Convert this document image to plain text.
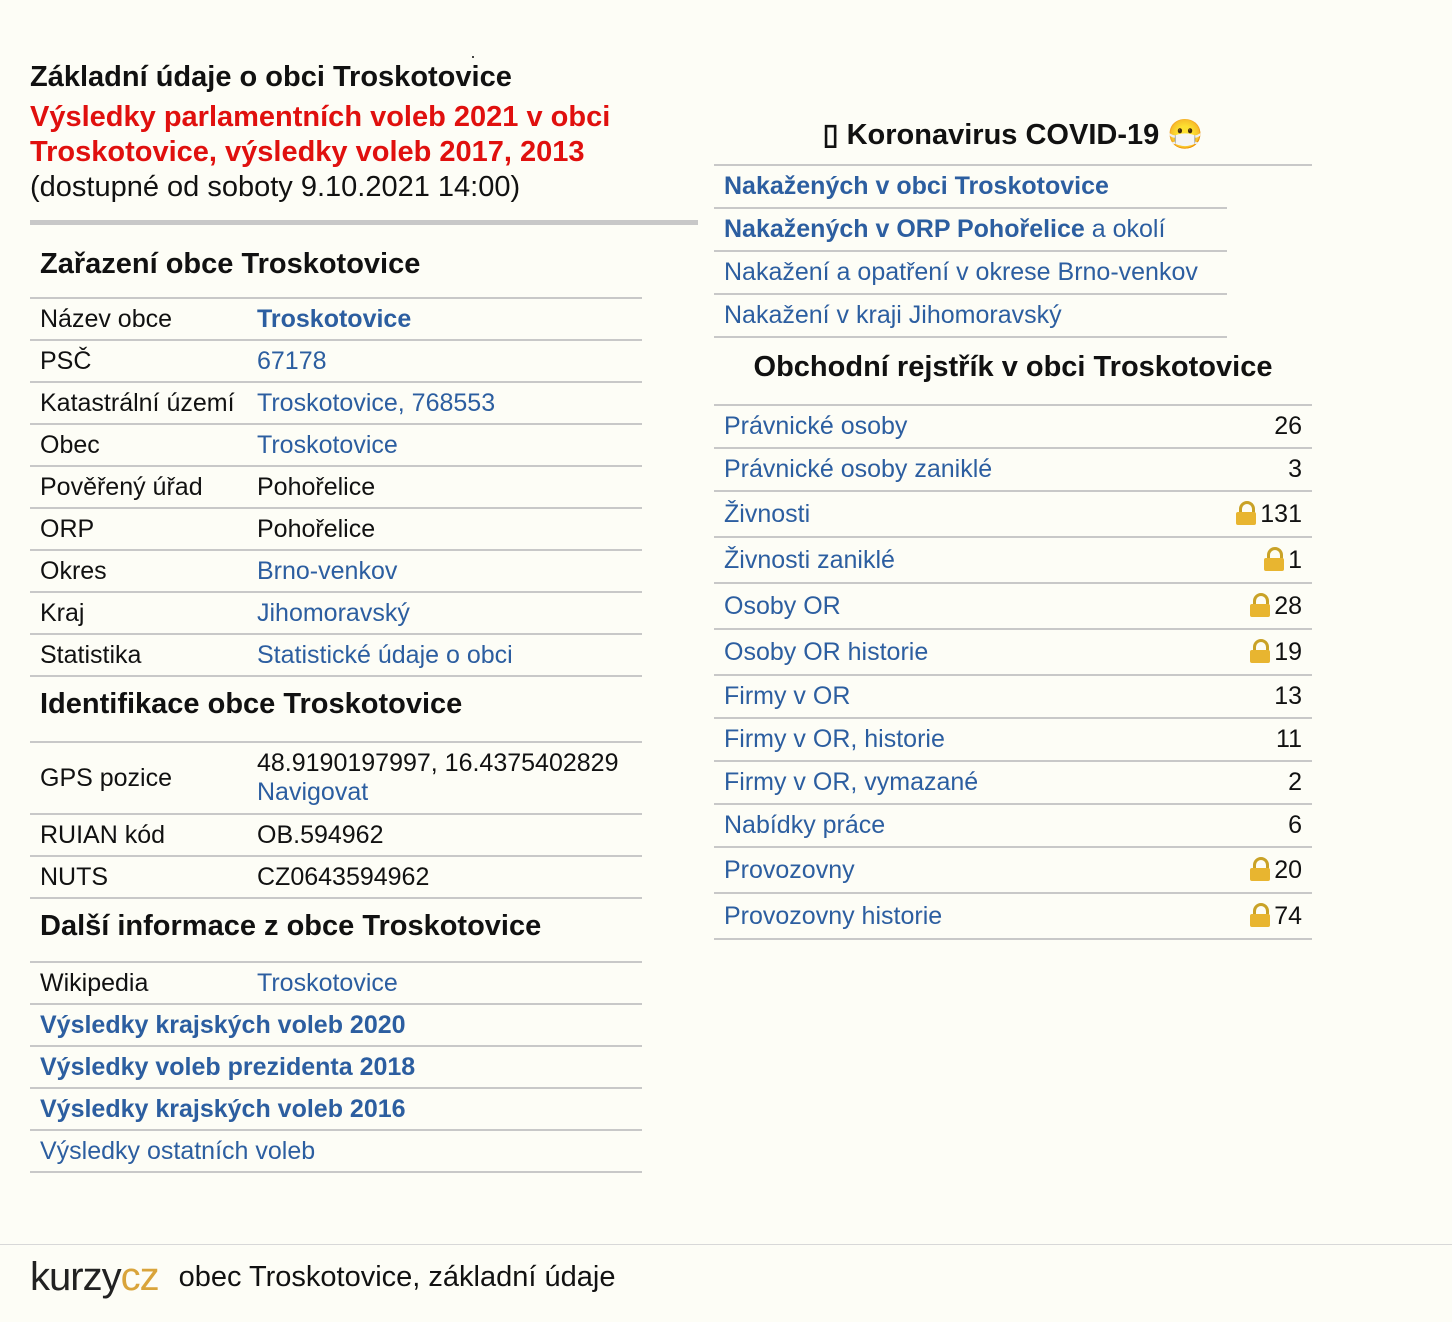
Základní údaje o obci Troskotovice
Výsledky parlamentních voleb 2021 v obci Troskotovice, výsledky voleb 2017, 2013
(dostupné od soboty 9.10.2021 14:00)
Zařazení obce Troskotovice
Název obce	Troskotovice
PSČ	67178
Katastrální území	Troskotovice, 768553
Obec	Troskotovice
Pověřený úřad	Pohořelice
ORP	Pohořelice
Okres	Brno-venkov
Kraj	Jihomoravský
Statistika	Statistické údaje o obci
Identifikace obce Troskotovice
GPS pozice	48.9190197997, 16.4375402829
Navigovat
RUIAN kód	OB.594962
NUTS	CZ0643594962
Další informace z obce Troskotovice
Wikipedia	Troskotovice
Výsledky krajských voleb 2020
Výsledky voleb prezidenta 2018
Výsledky krajských voleb 2016
Výsledky ostatních voleb
▯ Koronavirus COVID-19 😷
Nakažených v obci Troskotovice
Nakažených v ORP Pohořelice a okolí
Nakažení a opatření v okrese Brno-venkov
Nakažení v kraji Jihomoravský
Obchodní rejstřík v obci Troskotovice
Právnické osoby	26
Právnické osoby zaniklé	3
Živnosti	131
Živnosti zaniklé	1
Osoby OR	28
Osoby OR historie	19
Firmy v OR	13
Firmy v OR, historie	11
Firmy v OR, vymazané	2
Nabídky práce	6
Provozovny	20
Provozovny historie	74
kurzycz obec Troskotovice, základní údaje
